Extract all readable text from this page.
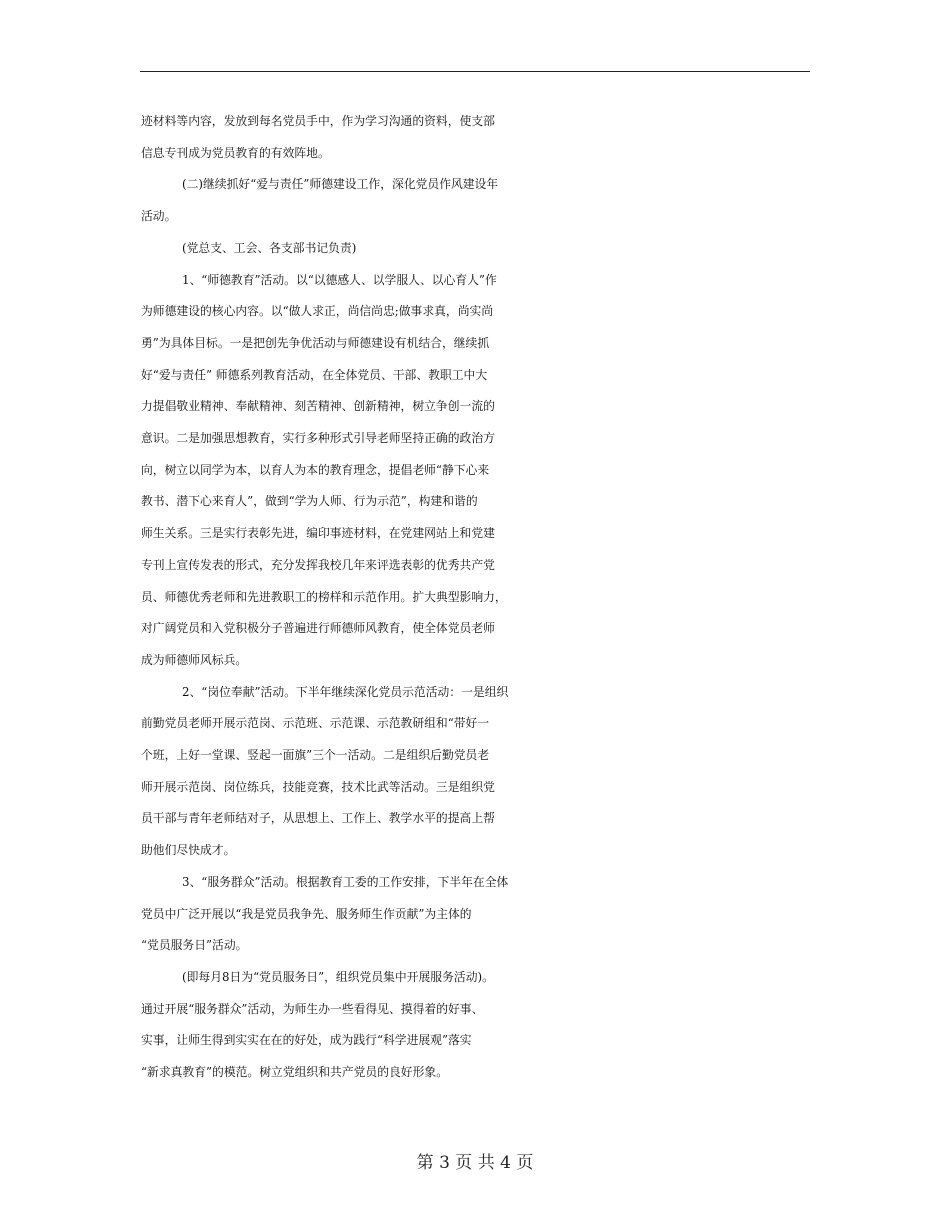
迹材料等内容，发放到每名党员手中，作为学习沟通的资料，使支部

信息专刊成为党员教育的有效阵地。

(二)继续抓好“爱与责任”师德建设工作，深化党员作风建设年

活动。

(党总支、工会、各支部书记负责)

1、“师德教育”活动。以“以德感人、以学服人、以心育人”作

为师德建设的核心内容。以“做人求正，尚信尚忠;做事求真，尚实尚

勇”为具体目标。一是把创先争优活动与师德建设有机结合，继续抓

好“爱与责任” 师德系列教育活动，在全体党员、干部、教职工中大

力提倡敬业精神、奉献精神、刻苦精神、创新精神，树立争创一流的

意识。二是加强思想教育，实行多种形式引导老师坚持正确的政治方

向，树立以同学为本，以育人为本的教育理念，提倡老师“静下心来

教书、潜下心来育人”，做到“学为人师、行为示范”，构建和谐的

师生关系。三是实行表彰先进，编印事迹材料，在党建网站上和党建

专刊上宣传发表的形式，充分发挥我校几年来评选表彰的优秀共产党

员、师德优秀老师和先进教职工的榜样和示范作用。扩大典型影响力，

对广阔党员和入党积极分子普遍进行师德师风教育，使全体党员老师

成为师德师风标兵。

2、“岗位奉献”活动。下半年继续深化党员示范活动：一是组织

前勤党员老师开展示范岗、示范班、示范课、示范教研组和“带好一

个班，上好一堂课、竖起一面旗”三个一活动。二是组织后勤党员老

师开展示范岗、岗位练兵，技能竞赛，技术比武等活动。三是组织党

员干部与青年老师结对子，从思想上、工作上、教学水平的提高上帮

助他们尽快成才。

3、“服务群众”活动。根据教育工委的工作安排，下半年在全体

党员中广泛开展以“我是党员我争先、服务师生作贡献”为主体的

“党员服务日”活动。

(即每月8日为“党员服务日”，组织党员集中开展服务活动)。

通过开展“服务群众”活动，为师生办一些看得见、摸得着的好事、

实事，让师生得到实实在在的好处，成为践行“科学进展观”落实

“新求真教育”的模范。树立党组织和共产党员的良好形象。

第 3 页 共 4 页
